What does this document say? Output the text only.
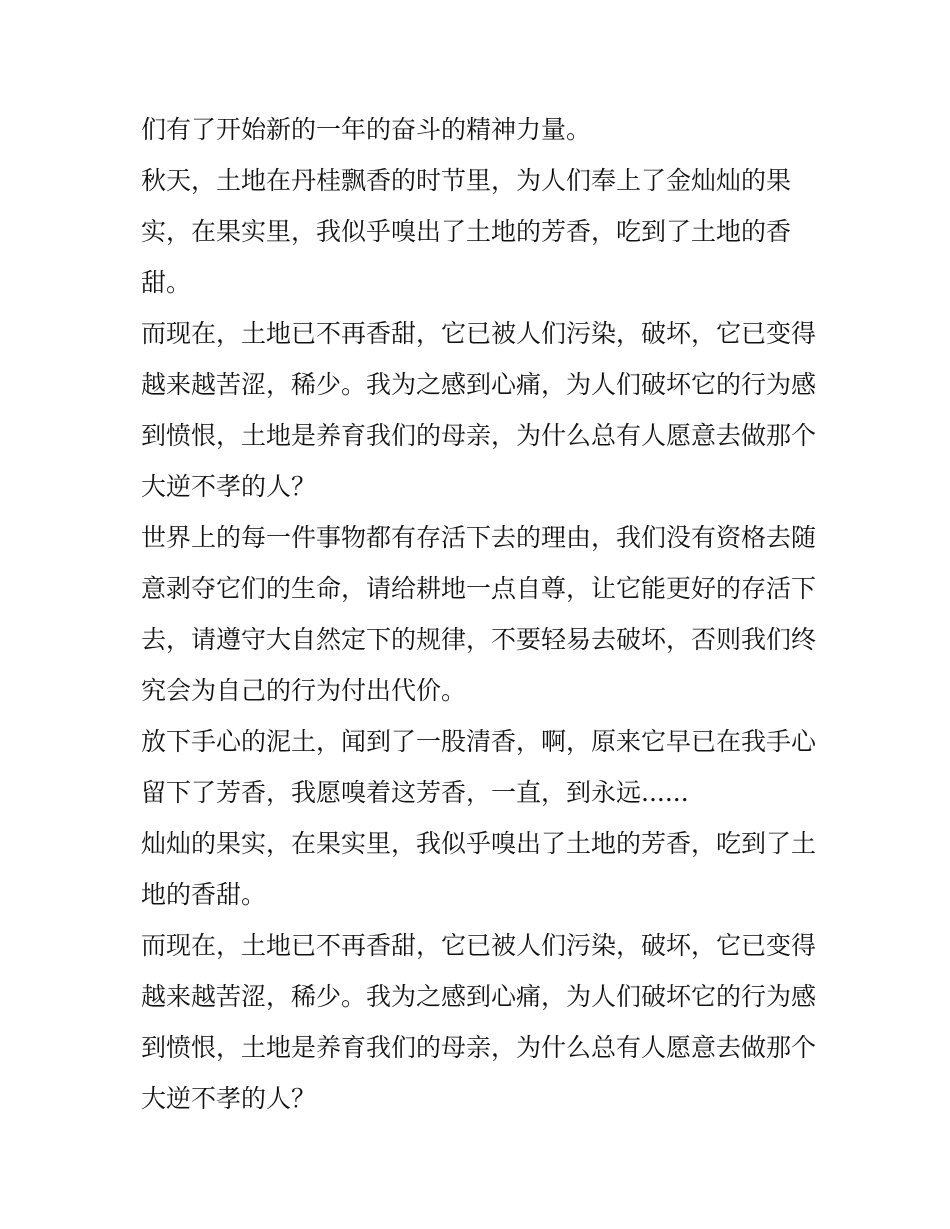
们有了开始新的一年的奋斗的精神力量。
秋天，土地在丹桂飘香的时节里，为人们奉上了金灿灿的果
实，在果实里，我似乎嗅出了土地的芳香，吃到了土地的香
甜。
而现在，土地已不再香甜，它已被人们污染，破坏，它已变得
越来越苦涩，稀少。我为之感到心痛，为人们破坏它的行为感
到愤恨，土地是养育我们的母亲，为什么总有人愿意去做那个
大逆不孝的人？
世界上的每一件事物都有存活下去的理由，我们没有资格去随
意剥夺它们的生命，请给耕地一点自尊，让它能更好的存活下
去，请遵守大自然定下的规律，不要轻易去破坏，否则我们终
究会为自己的行为付出代价。
放下手心的泥土，闻到了一股清香，啊，原来它早已在我手心
留下了芳香，我愿嗅着这芳香，一直，到永远......
灿灿的果实，在果实里，我似乎嗅出了土地的芳香，吃到了土
地的香甜。
而现在，土地已不再香甜，它已被人们污染，破坏，它已变得
越来越苦涩，稀少。我为之感到心痛，为人们破坏它的行为感
到愤恨，土地是养育我们的母亲，为什么总有人愿意去做那个
大逆不孝的人？
